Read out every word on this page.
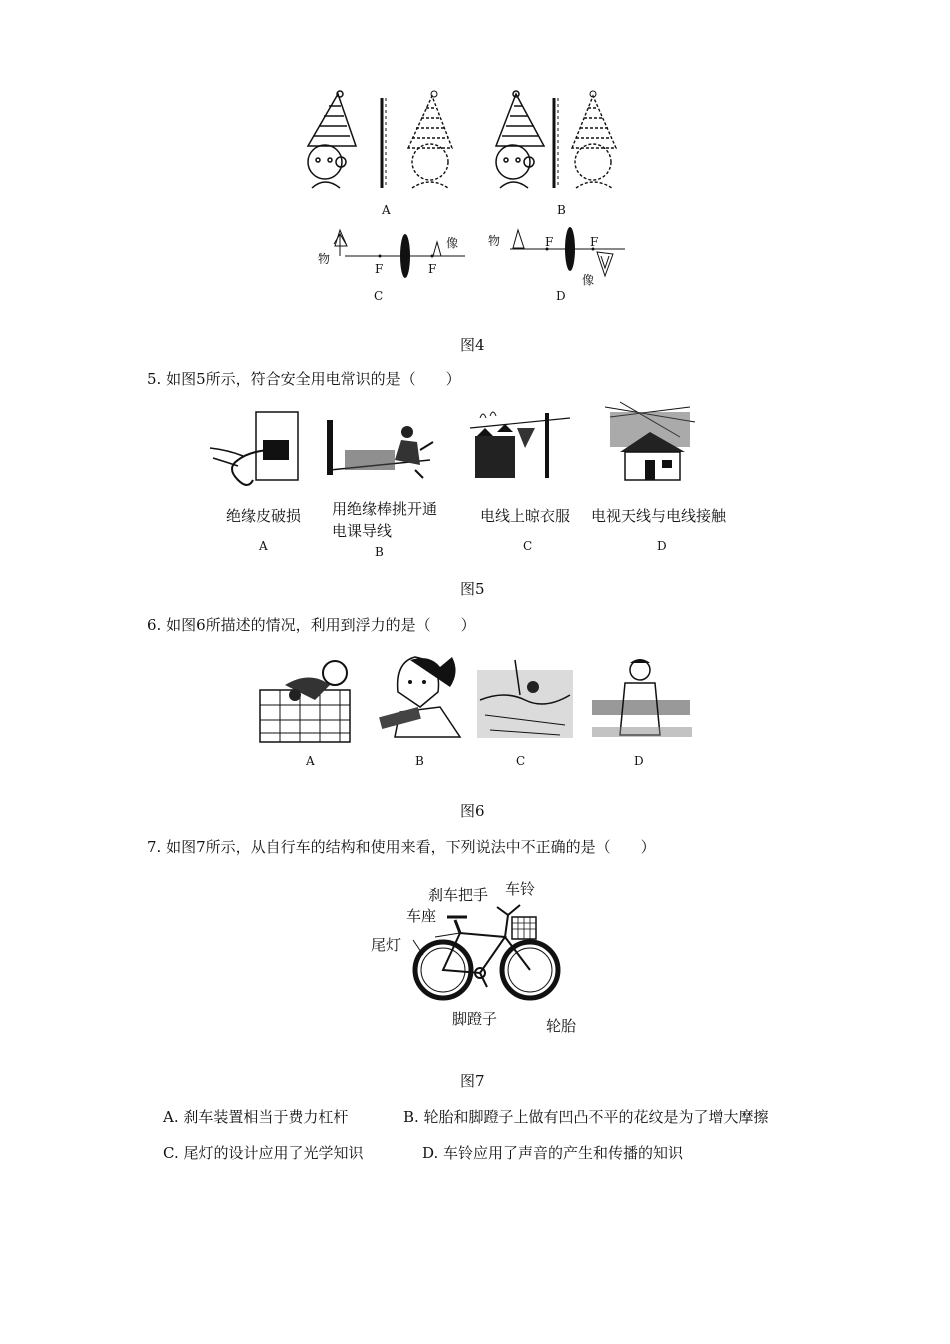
A	B
物
F	F
像
C
物	F	F
像
D
图4
5. 如图5所示，符合安全用电常识的是（　　）
绝缘皮破损
A
用绝缘棒挑开通
电课导线
B
电线上晾衣服
C
电视天线与电线接触
D
图5
6. 如图6所描述的情况，利用到浮力的是（　　）
A	B	C	D
图6
7. 如图7所示，从自行车的结构和使用来看，下列说法中不正确的是（　　）
刹车把手 车铃
车座
尾灯
脚蹬子	轮胎
图7
A. 刹车装置相当于费力杠杆	B. 轮胎和脚蹬子上做有凹凸不平的花纹是为了增大摩擦
C. 尾灯的设计应用了光学知识	D. 车铃应用了声音的产生和传播的知识
